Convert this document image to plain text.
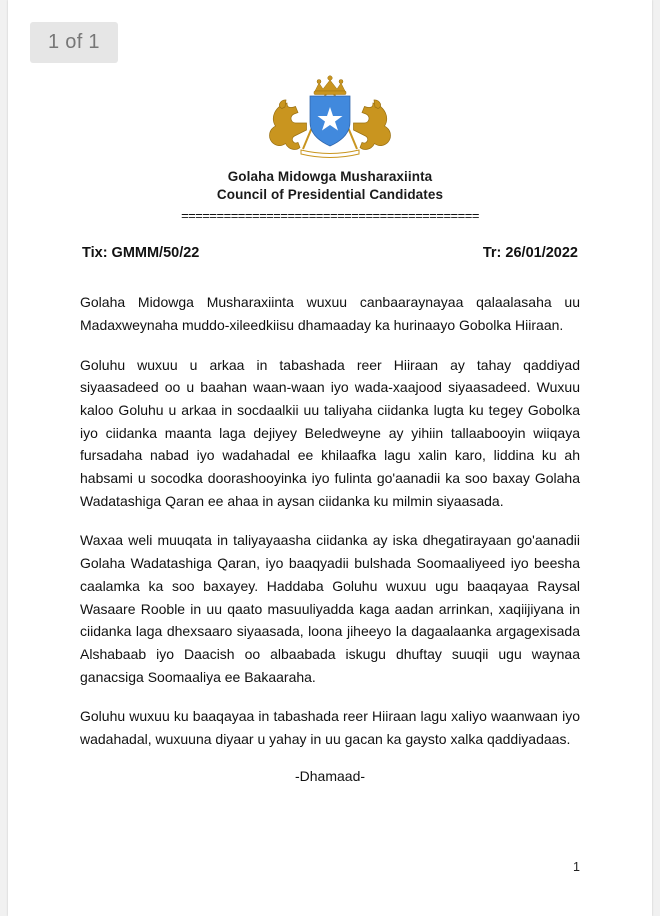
1 of 1
Golaha Midowga Musharaxiinta
Council of Presidential Candidates
==========================================
Tix: GMMM/50/22	Tr: 26/01/2022

Golaha Midowga Musharaxiinta wuxuu canbaaraynayaa qalaalasaha uu Madaxweynaha muddo-xileedkiisu dhamaaday ka hurinaayo Gobolka Hiiraan.

Goluhu wuxuu u arkaa in tabashada reer Hiiraan ay tahay qaddiyad siyaasadeed oo u baahan waan-waan iyo wada-xaajood siyaasadeed. Wuxuu kaloo Goluhu u arkaa in socdaalkii uu taliyaha ciidanka lugta ku tegey Gobolka iyo ciidanka maanta laga dejiyey Beledweyne ay yihiin tallaabooyin wiiqaya fursadaha nabad iyo wadahadal ee khilaafka lagu xalin karo, liddina ku ah habsami u socodka doorashooyinka iyo fulinta go'aanadii ka soo baxay Golaha Wadatashiga Qaran ee ahaa in aysan ciidanka ku milmin siyaasada.

Waxaa weli muuqata in taliyayaasha ciidanka ay iska dhegatirayaan go'aanadii Golaha Wadatashiga Qaran, iyo baaqyadii bulshada Soomaaliyeed iyo beesha caalamka ka soo baxayey. Haddaba Goluhu wuxuu ugu baaqayaa Raysal Wasaare Rooble in uu qaato masuuliyadda kaga aadan arrinkan, xaqiijiyana in ciidanka laga dhexsaaro siyaasada, loona jiheeyo la dagaalaanka argagexisada Alshabaab iyo Daacish oo albaabada iskugu dhuftay suuqii ugu waynaa ganacsiga Soomaaliya ee Bakaaraha.

Goluhu wuxuu ku baaqayaa in tabashada reer Hiiraan lagu xaliyo waanwaan iyo wadahadal, wuxuuna diyaar u yahay in uu gacan ka gaysto xalka qaddiyadaas.

-Dhamaad-
1
